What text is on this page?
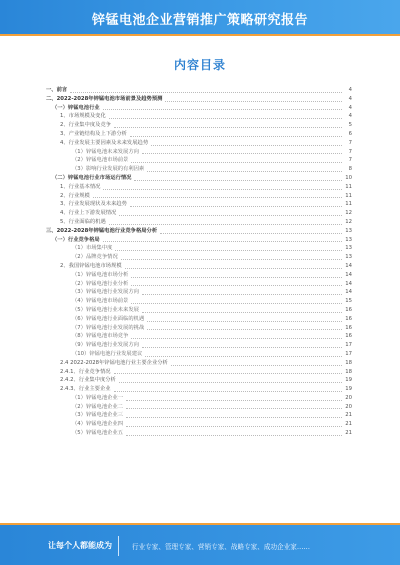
锌锰电池企业营销推广策略研究报告
内容目录
一、前言	4
二、2022-2028年锌锰电池市场前景及趋势预测	4
（一）锌锰电池行业	4
1、市场规模及变化	4
2、行业集中度及竞争	5
3、产业链结构及上下游分析	6
4、行业发展主要因素及未来发展趋势	7
（1）锌锰电池未来发展方向	7
（2）锌锰电池市场前景	7
（3）影响行业发展的有利因素	8
（二）锌锰电池行业市场运行情况	10
1、行业基本情况	11
2、行业规模	11
3、行业发展现状及未来趋势	11
4、行业上下游发展情况	12
5、行业面临的机遇	12
三、2022-2028年锌锰电池行业竞争格局分析	13
（一）行业竞争格局	13
（1）市场集中度	13
（2）品牌竞争情况	13
2、我国锌锰电池市场规模	14
（1）锌锰电池市场分析	14
（2）锌锰电池行业分析	14
（3）锌锰电池行业发展方向	14
（4）锌锰电池市场前景	15
（5）锌锰电池行业未来发展	16
（6）锌锰电池行业面临的机遇	16
（7）锌锰电池行业发展的挑战	16
（8）锌锰电池市场竞争	16
（9）锌锰电池行业发展方向	17
（10）锌锰电池行业发展建议	17
2.4 2022-2028年锌锰电池行业主要企业分析	18
2.4.1、行业竞争情况	18
2.4.2、行业集中度分析	19
2.4.3、行业主要企业	19
（1）锌锰电池企业一	20
（2）锌锰电池企业二	20
（3）锌锰电池企业三	21
（4）锌锰电池企业四	21
（5）锌锰电池企业五	21
让每个人都能成为	行业专家、管理专家、营销专家、战略专家、成功企业家……
